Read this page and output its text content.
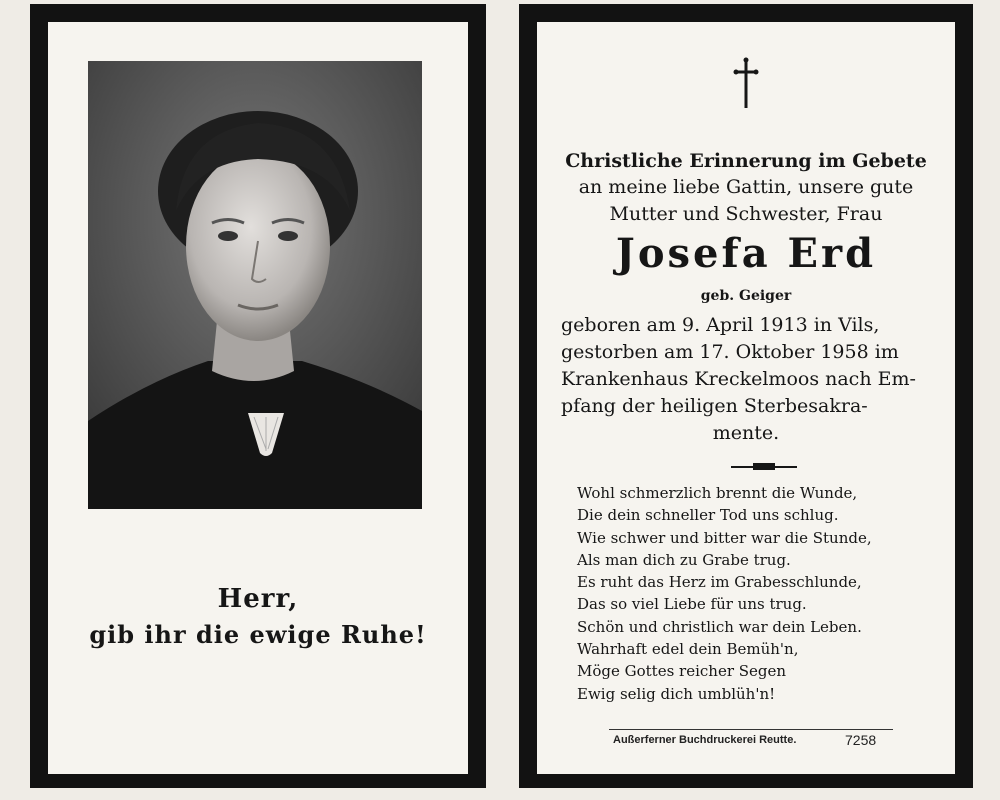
Herr,
gib ihr die ewige Ruhe!
Christliche Erinnerung im Gebete
an meine liebe Gattin, unsere gute
Mutter und Schwester, Frau
Josefa Erd
geb. Geiger
geboren am 9. April 1913 in Vils,
gestorben am 17. Oktober 1958 im
Krankenhaus Kreckelmoos nach Em-
pfang der heiligen Sterbesakra-
mente.
Wohl schmerzlich brennt die Wunde,
Die dein schneller Tod uns schlug.
Wie schwer und bitter war die Stunde,
Als man dich zu Grabe trug.
Es ruht das Herz im Grabesschlunde,
Das so viel Liebe für uns trug.
Schön und christlich war dein Leben.
Wahrhaft edel dein Bemüh'n,
Möge Gottes reicher Segen
Ewig selig dich umblüh'n!
Außerferner Buchdruckerei Reutte.	7258
